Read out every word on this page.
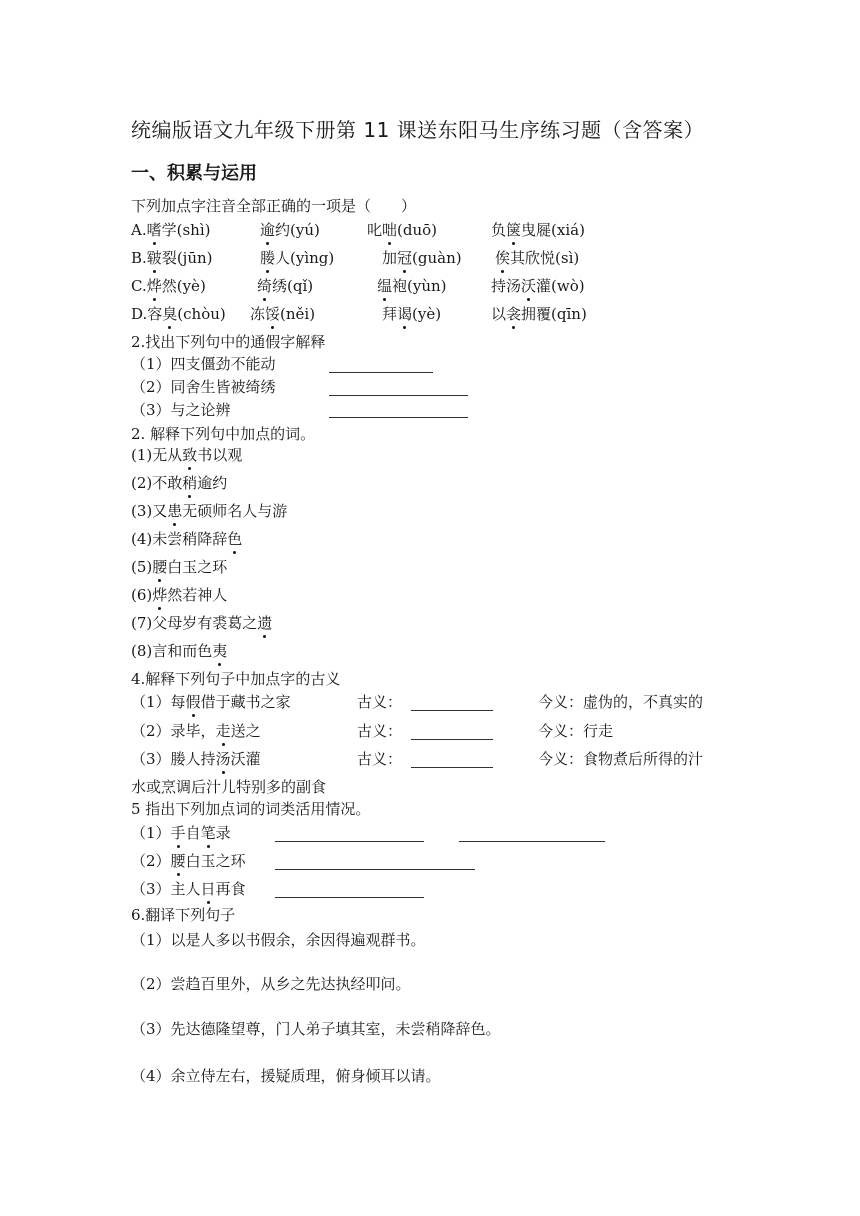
统编版语文九年级下册第 11 课送东阳马生序练习题（含答案）
一、积累与运用
下列加点字注音全部正确的一项是（　　）
A.嗜学(shì)	逾约(yú)	叱咄(duō)	负箧曳屣(xiá)
B.皲裂(jūn)	媵人(yìng)	加冠(guàn) 俟其欣悦(sì)
C.烨然(yè)	绮绣(qǐ)	缊袍(yùn)	持汤沃灌(wò)
D.容臭(chòu) 冻馁(něi)	拜谒(yè)	以衾拥覆(qīn)
2.找出下列句中的通假字解释
（1）四支僵劲不能动
（2）同舍生皆被绮绣
（3）与之论辨
2. 解释下列句中加点的词。
(1)无从致书以观
(2)不敢稍逾约
(3)又患无硕师名人与游
(4)未尝稍降辞色
(5)腰白玉之环
(6)烨然若神人
(7)父母岁有裘葛之遗
(8)言和而色夷
4.解释下列句子中加点字的古义
（1）每假借于藏书之家	古义：	今义：虚伪的，不真实的
（2）录毕，走送之	古义：	今义：行走
（3）媵人持汤沃灌	古义：	今义：食物煮后所得的汁
水或烹调后汁儿特别多的副食
5 指出下列加点词的词类活用情况。
（1）手自笔录
（2）腰白玉之环
（3）主人日再食
6.翻译下列句子
（1）以是人多以书假余，余因得遍观群书。
（2）尝趋百里外，从乡之先达执经叩问。
（3）先达德隆望尊，门人弟子填其室，未尝稍降辞色。
（4）余立侍左右，援疑质理，俯身倾耳以请。
